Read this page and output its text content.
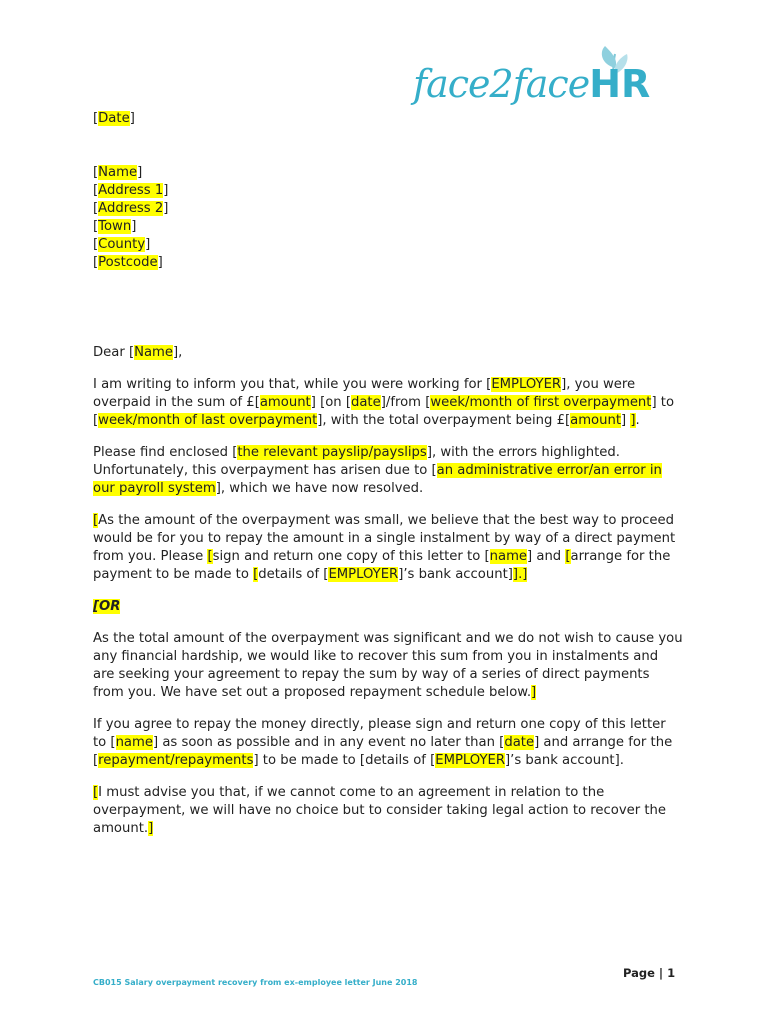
face2faceHR
[Date]
[Name]
[Address 1]
[Address 2]
[Town]
[County]
[Postcode]

Dear [Name],

I am writing to inform you that, while you were working for [EMPLOYER], you were overpaid in the sum of £[amount] [on [date]/from [week/month of first overpayment] to [week/month of last overpayment], with the total overpayment being £[amount] ].

Please find enclosed [the relevant payslip/payslips], with the errors highlighted. Unfortunately, this overpayment has arisen due to [an administrative error/an error in our payroll system], which we have now resolved.

[As the amount of the overpayment was small, we believe that the best way to proceed would be for you to repay the amount in a single instalment by way of a direct payment from you. Please [sign and return one copy of this letter to [name] and [arrange for the payment to be made to [details of [EMPLOYER]’s bank account]].]

[OR

As the total amount of the overpayment was significant and we do not wish to cause you any financial hardship, we would like to recover this sum from you in instalments and are seeking your agreement to repay the sum by way of a series of direct payments from you. We have set out a proposed repayment schedule below.]

If you agree to repay the money directly, please sign and return one copy of this letter to [name] as soon as possible and in any event no later than [date] and arrange for the [repayment/repayments] to be made to [details of [EMPLOYER]’s bank account].

[I must advise you that, if we cannot come to an agreement in relation to the overpayment, we will have no choice but to consider taking legal action to recover the amount.]

Page | 1
CB015 Salary overpayment recovery from ex-employee letter June 2018
